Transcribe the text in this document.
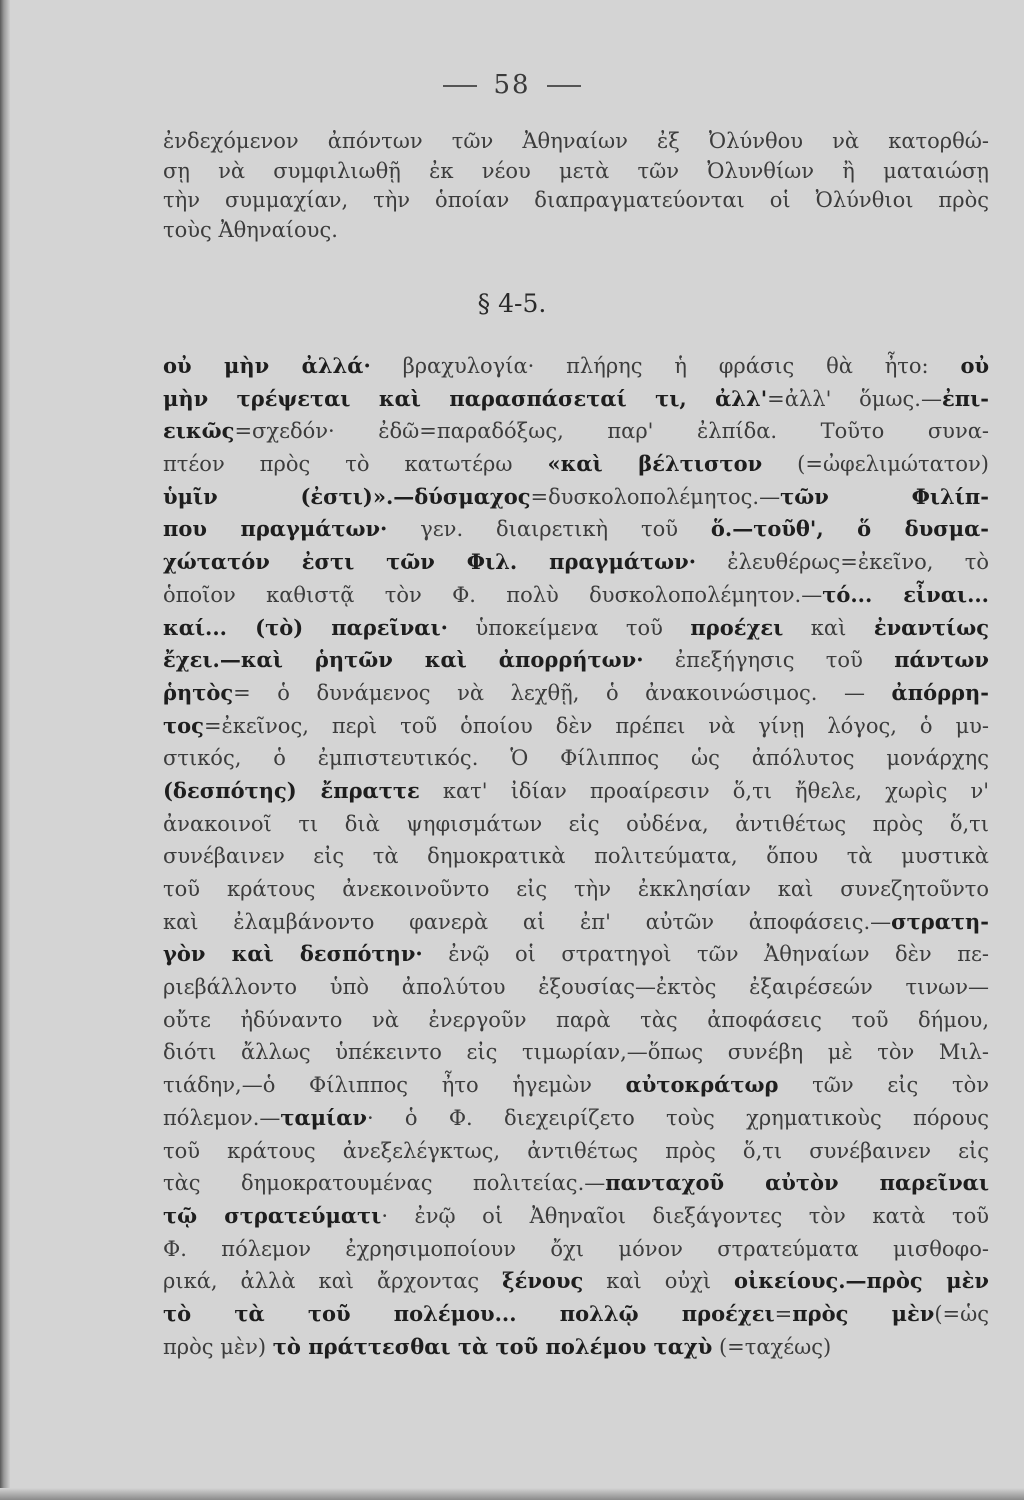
58
ἐνδεχόμενον ἀπόντων τῶν Ἀθηναίων ἐξ Ὀλύνθου νὰ κατορθώ-
σῃ νὰ συμφιλιωθῇ ἐκ νέου μετὰ τῶν Ὀλυνθίων ἢ ματαιώσῃ
τὴν συμμαχίαν, τὴν ὁποίαν διαπραγματεύονται οἱ Ὀλύνθιοι πρὸς
τοὺς Ἀθηναίους.
§ 4-5.
οὐ μὴν ἀλλά· βραχυλογία· πλήρης ἡ φράσις θὰ ἦτο: οὐ
μὴν τρέψεται καὶ παρασπάσεταί τι, ἀλλ'=ἀλλ' ὅμως.—ἐπι-
εικῶς=σχεδόν· ἐδῶ=παραδόξως, παρ' ἐλπίδα. Τοῦτο συνα-
πτέον πρὸς τὸ κατωτέρω «καὶ βέλτιστον (=ὠφελιμώτατον)
ὑμῖν (ἐστι)».—δύσμαχος=δυσκολοπολέμητος.—τῶν Φιλίπ-
που πραγμάτων· γεν. διαιρετικὴ τοῦ ὅ.—τοῦθ', ὅ δυσμα-
χώτατόν ἐστι τῶν Φιλ. πραγμάτων· ἐλευθέρως=ἐκεῖνο, τὸ
ὁποῖον καθιστᾷ τὸν Φ. πολὺ δυσκολοπολέμητον.—τό... εἶναι...
καί... (τὸ) παρεῖναι· ὑποκείμενα τοῦ προέχει καὶ ἐναντίως
ἔχει.—καὶ ῥητῶν καὶ ἀπορρήτων· ἐπεξήγησις τοῦ πάντων
ῥητὸς= ὁ δυνάμενος νὰ λεχθῇ, ὁ ἀνακοινώσιμος. — ἀπόρρη-
τος=ἐκεῖνος, περὶ τοῦ ὁποίου δὲν πρέπει νὰ γίνῃ λόγος, ὁ μυ-
στικός, ὁ ἐμπιστευτικός. Ὁ Φίλιππος ὡς ἀπόλυτος μονάρχης
(δεσπότης) ἔπραττε κατ' ἰδίαν προαίρεσιν ὅ,τι ἤθελε, χωρὶς ν'
ἀνακοινοῖ τι διὰ ψηφισμάτων εἰς οὐδένα, ἀντιθέτως πρὸς ὅ,τι
συνέβαινεν εἰς τὰ δημοκρατικὰ πολιτεύματα, ὅπου τὰ μυστικὰ
τοῦ κράτους ἀνεκοινοῦντο εἰς τὴν ἐκκλησίαν καὶ συνεζητοῦντο
καὶ ἐλαμβάνοντο φανερὰ αἱ ἐπ' αὐτῶν ἀποφάσεις.—στρατη-
γὸν καὶ δεσπότην· ἐνῷ οἱ στρατηγοὶ τῶν Ἀθηναίων δὲν πε-
ριεβάλλοντο ὑπὸ ἀπολύτου ἐξουσίας—ἐκτὸς ἐξαιρέσεών τινων—
οὔτε ἠδύναντο νὰ ἐνεργοῦν παρὰ τὰς ἀποφάσεις τοῦ δήμου,
διότι ἄλλως ὑπέκειντο εἰς τιμωρίαν,—ὅπως συνέβη μὲ τὸν Μιλ-
τιάδην,—ὁ Φίλιππος ἦτο ἡγεμὼν αὐτοκράτωρ τῶν εἰς τὸν
πόλεμον.—ταμίαν· ὁ Φ. διεχειρίζετο τοὺς χρηματικοὺς πόρους
τοῦ κράτους ἀνεξελέγκτως, ἀντιθέτως πρὸς ὅ,τι συνέβαινεν εἰς
τὰς δημοκρατουμένας πολιτείας.—πανταχοῦ αὐτὸν παρεῖναι
τῷ στρατεύματι· ἐνῷ οἱ Ἀθηναῖοι διεξάγοντες τὸν κατὰ τοῦ
Φ. πόλεμον ἐχρησιμοποίουν ὄχι μόνον στρατεύματα μισθοφο-
ρικά, ἀλλὰ καὶ ἄρχοντας ξένους καὶ οὐχὶ οἰκείους.—πρὸς μὲν
τὸ τὰ τοῦ πολέμου... πολλῷ προέχει=πρὸς μὲν(=ὡς
πρὸς μὲν) τὸ πράττεσθαι τὰ τοῦ πολέμου ταχὺ (=ταχέως)
